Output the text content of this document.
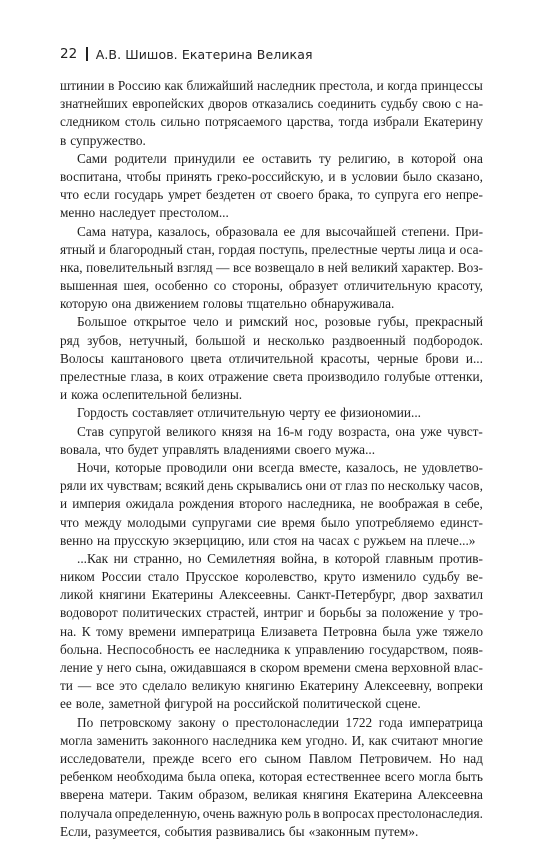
22 А.В. Шишов. Екатерина Великая
штинии в Россию как ближайший наследник престола, и когда принцессы
знатнейших европейских дворов отказались соединить судьбу свою с на-
следником столь сильно потрясаемого царства, тогда избрали Екатерину
в супружество.
Сами родители принудили ее оставить ту религию, в которой она
воспитана, чтобы принять греко-российскую, и в условии было сказано,
что если государь умрет бездетен от своего брака, то супруга его непре-
менно наследует престолом...
Сама натура, казалось, образовала ее для высочайшей степени. При-
ятный и благородный стан, гордая поступь, прелестные черты лица и оса-
нка, повелительный взгляд — все возвещало в ней великий характер. Воз-
вышенная шея, особенно со стороны, образует отличительную красоту,
которую она движением головы тщательно обнаруживала.
Большое открытое чело и римский нос, розовые губы, прекрасный
ряд зубов, нетучный, большой и несколько раздвоенный подбородок.
Волосы каштанового цвета отличительной красоты, черные брови и...
прелестные глаза, в коих отражение света производило голубые оттенки,
и кожа ослепительной белизны.
Гордость составляет отличительную черту ее физиономии...
Став супругой великого князя на 16-м году возраста, она уже чувст-
вовала, что будет управлять владениями своего мужа...
Ночи, которые проводили они всегда вместе, казалось, не удовлетво-
ряли их чувствам; всякий день скрывались они от глаз по нескольку часов,
и империя ожидала рождения второго наследника, не воображая в себе,
что между молодыми супругами сие время было употребляемо единст-
венно на прусскую экзерцицию, или стоя на часах с ружьем на плече...»
...Как ни странно, но Семилетняя война, в которой главным против-
ником России стало Прусское королевство, круто изменило судьбу ве-
ликой княгини Екатерины Алексеевны. Санкт-Петербург, двор захватил
водоворот политических страстей, интриг и борьбы за положение у тро-
на. К тому времени императрица Елизавета Петровна была уже тяжело
больна. Неспособность ее наследника к управлению государством, появ-
ление у него сына, ожидавшаяся в скором времени смена верховной влас-
ти — все это сделало великую княгиню Екатерину Алексеевну, вопреки
ее воле, заметной фигурой на российской политической сцене.
По петровскому закону о престолонаследии 1722 года императрица
могла заменить законного наследника кем угодно. И, как считают многие
исследователи, прежде всего его сыном Павлом Петровичем. Но над
ребенком необходима была опека, которая естественнее всего могла быть
вверена матери. Таким образом, великая княгиня Екатерина Алексеевна
получала определенную, очень важную роль в вопросах престолонаследия.
Если, разумеется, события развивались бы «законным путем».
